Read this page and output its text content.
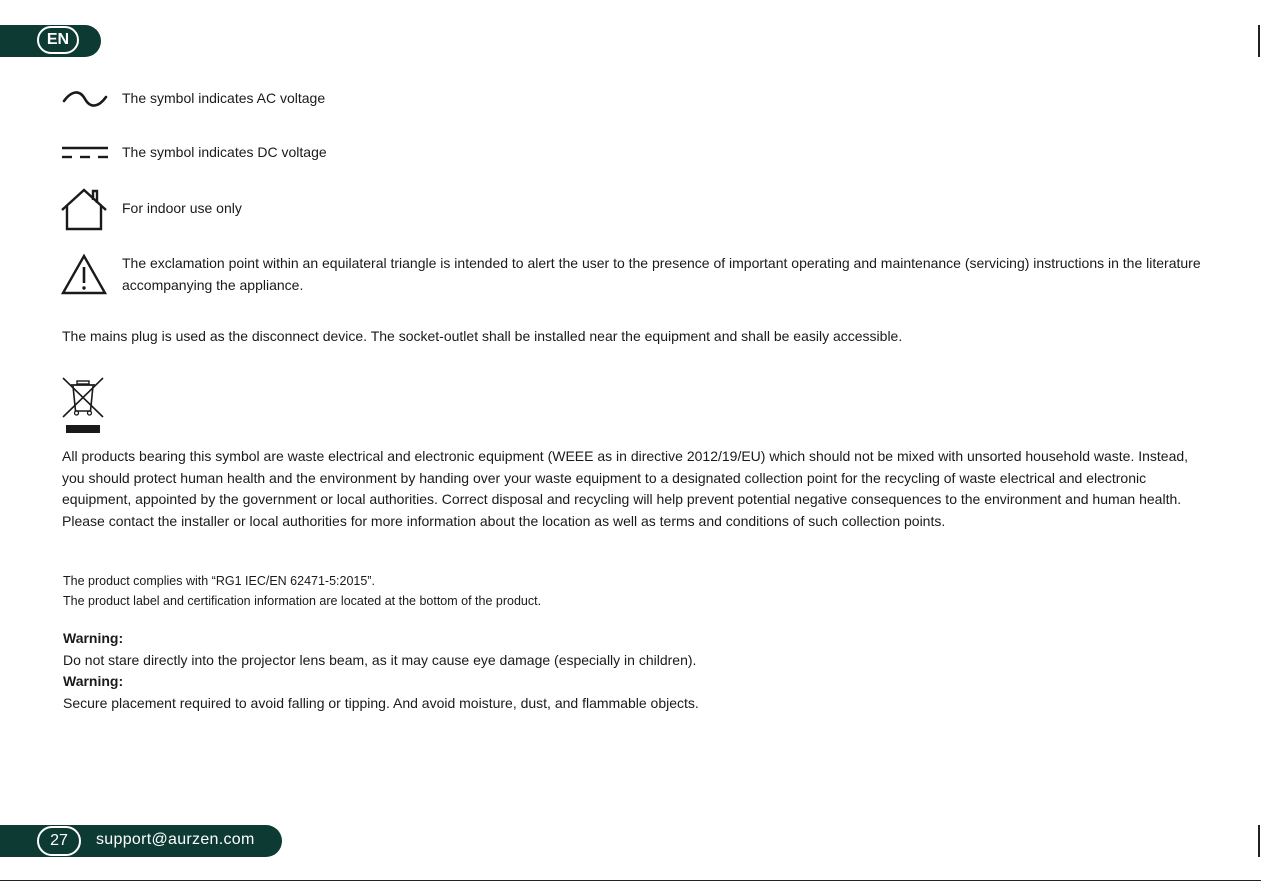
EN
The symbol indicates AC voltage
The symbol indicates DC voltage
For indoor use only
The exclamation point within an equilateral triangle is intended to alert the user to the presence of important operating and maintenance (servicing) instructions in the literature accompanying the appliance.
The mains plug is used as the disconnect device. The socket-outlet shall be installed near the equipment and shall be easily accessible.
All products bearing this symbol are waste electrical and electronic equipment (WEEE as in directive 2012/19/EU) which should not be mixed with unsorted household waste. Instead, you should protect human health and the environment by handing over your waste equipment to a designated collection point for the recycling of waste electrical and electronic equipment, appointed by the government or local authorities. Correct disposal and recycling will help prevent potential negative consequences to the environment and human health. Please contact the installer or local authorities for more information about the location as well as terms and conditions of such collection points.
The product complies with “RG1 IEC/EN 62471-5:2015”.
The product label and certification information are located at the bottom of the product.
Warning:
Do not stare directly into the projector lens beam, as it may cause eye damage (especially in children).
Warning:
Secure placement required to avoid falling or tipping. And avoid moisture, dust, and flammable objects.
27	support@aurzen.com
